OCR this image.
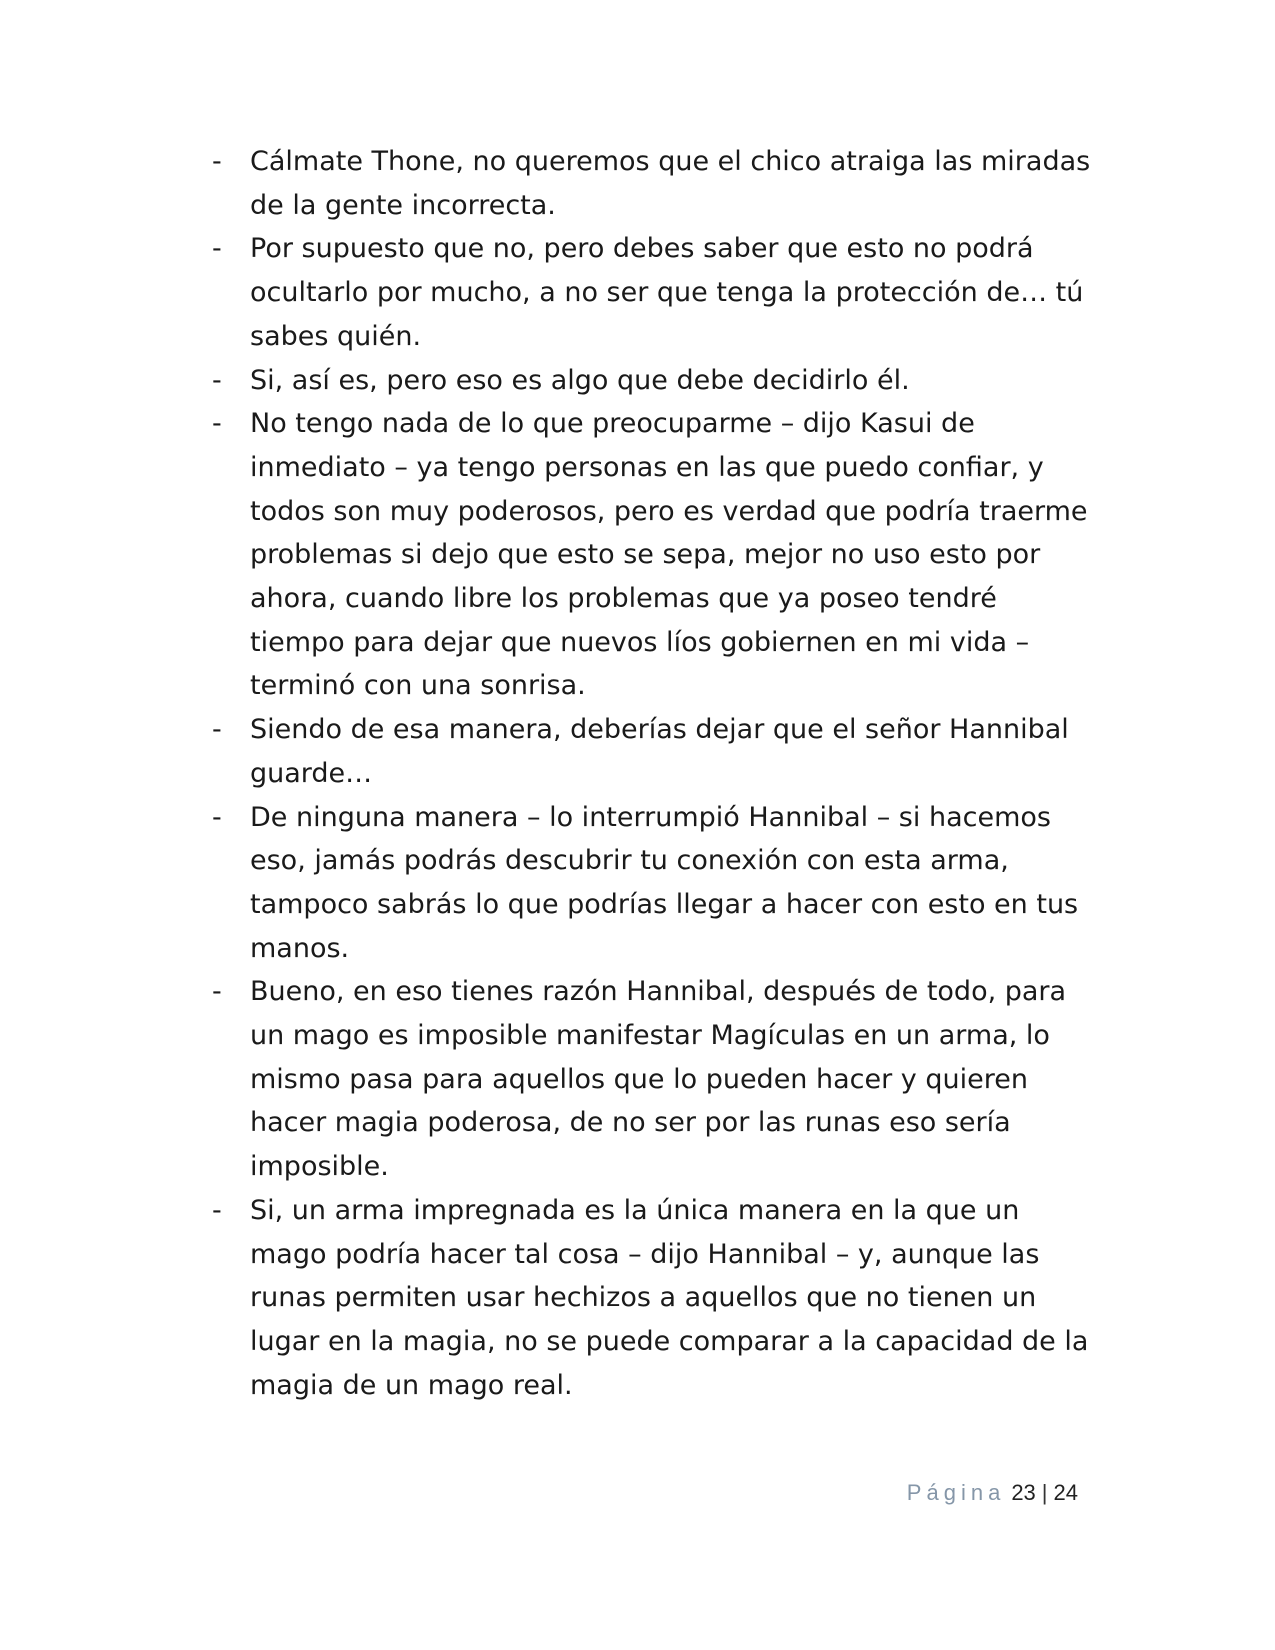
- Cálmate Thone, no queremos que el chico atraiga las miradas de la gente incorrecta.
- Por supuesto que no, pero debes saber que esto no podrá ocultarlo por mucho, a no ser que tenga la protección de… tú sabes quién.
- Si, así es, pero eso es algo que debe decidirlo él.
- No tengo nada de lo que preocuparme – dijo Kasui de inmediato – ya tengo personas en las que puedo confiar, y todos son muy poderosos, pero es verdad que podría traerme problemas si dejo que esto se sepa, mejor no uso esto por ahora, cuando libre los problemas que ya poseo tendré tiempo para dejar que nuevos líos gobiernen en mi vida – terminó con una sonrisa.
- Siendo de esa manera, deberías dejar que el señor Hannibal guarde…
- De ninguna manera – lo interrumpió Hannibal – si hacemos eso, jamás podrás descubrir tu conexión con esta arma, tampoco sabrás lo que podrías llegar a hacer con esto en tus manos.
- Bueno, en eso tienes razón Hannibal, después de todo, para un mago es imposible manifestar Magículas en un arma, lo mismo pasa para aquellos que lo pueden hacer y quieren hacer magia poderosa, de no ser por las runas eso sería imposible.
- Si, un arma impregnada es la única manera en la que un mago podría hacer tal cosa – dijo Hannibal – y, aunque las runas permiten usar hechizos a aquellos que no tienen un lugar en la magia, no se puede comparar a la capacidad de la magia de un mago real.
Página 23 | 24
